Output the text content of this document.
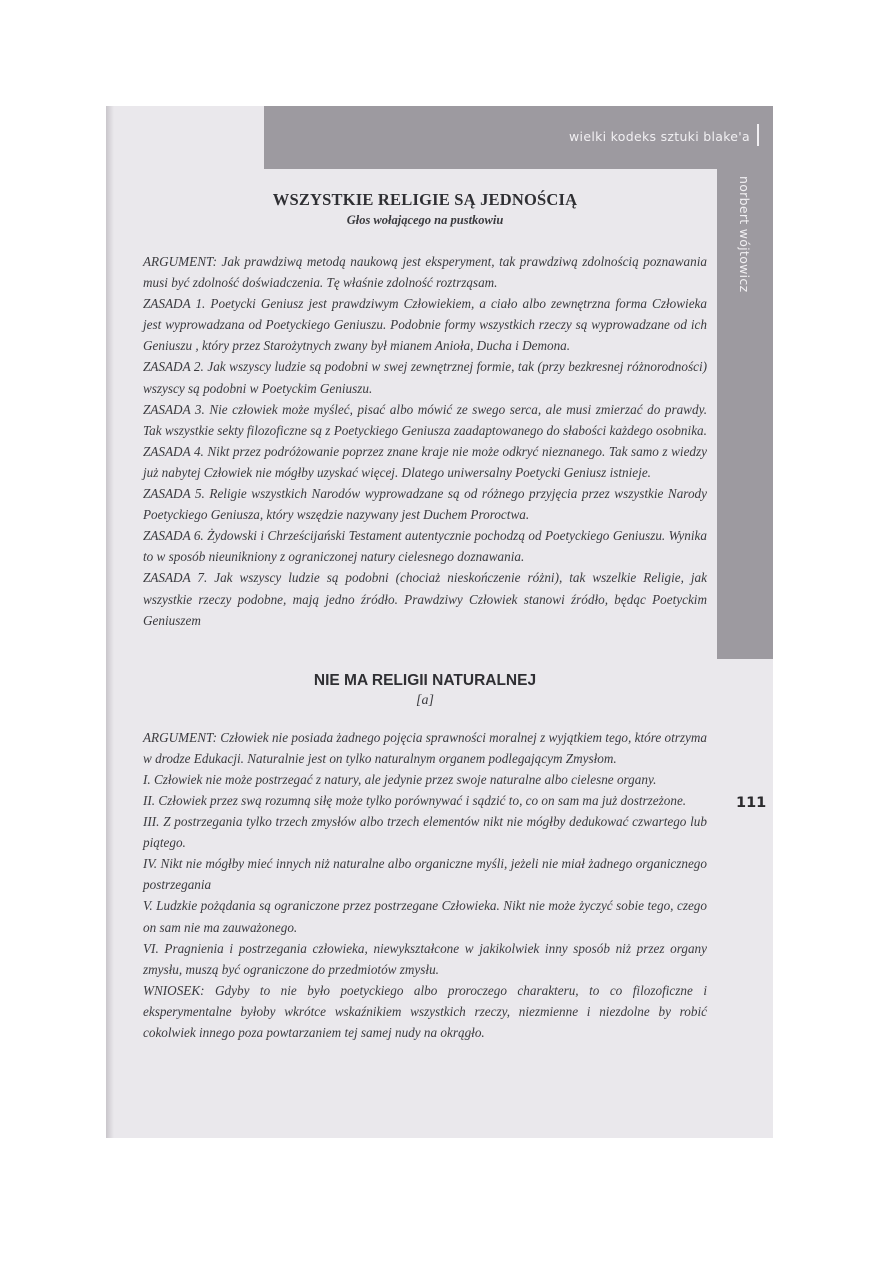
wielki kodeks sztuki blake'a
norbert wójtowicz
111
WSZYSTKIE RELIGIE SĄ JEDNOŚCIĄ
Głos wołającego na pustkowiu

ARGUMENT: Jak prawdziwą metodą naukową jest eksperyment, tak prawdziwą zdolnością poznawania musi być zdolność doświadczenia. Tę właśnie zdolność roztrząsam.

ZASADA 1. Poetycki Geniusz jest prawdziwym Człowiekiem, a ciało albo zewnętrzna forma Człowieka jest wyprowadzana od Poetyckiego Geniuszu. Podobnie formy wszystkich rzeczy są wyprowadzane od ich Geniuszu , który przez Starożytnych zwany był mianem Anioła, Ducha i Demona.

ZASADA 2. Jak wszyscy ludzie są podobni w swej zewnętrznej formie, tak (przy bezkresnej różnorodności) wszyscy są podobni w Poetyckim Geniuszu.

ZASADA 3. Nie człowiek może myśleć, pisać albo mówić ze swego serca, ale musi zmierzać do prawdy. Tak wszystkie sekty filozoficzne są z Poetyckiego Geniusza zaadaptowanego do słabości każdego osobnika.

ZASADA 4. Nikt przez podróżowanie poprzez znane kraje nie może odkryć nieznanego. Tak samo z wiedzy już nabytej Człowiek nie mógłby uzyskać więcej. Dlatego uniwersalny Poetycki Geniusz istnieje.

ZASADA 5. Religie wszystkich Narodów wyprowadzane są od różnego przyjęcia przez wszystkie Narody Poetyckiego Geniusza, który wszędzie nazywany jest Duchem Proroctwa.

ZASADA 6. Żydowski i Chrześcijański Testament autentycznie pochodzą od Poetyckiego Geniuszu. Wynika to w sposób nieunikniony z ograniczonej natury cielesnego doznawania.

ZASADA 7. Jak wszyscy ludzie są podobni (chociaż nieskończenie różni), tak wszelkie Religie, jak wszystkie rzeczy podobne, mają jedno źródło. Prawdziwy Człowiek stanowi źródło, będąc Poetyckim Geniuszem

NIE MA RELIGII NATURALNEJ
[a]

ARGUMENT: Człowiek nie posiada żadnego pojęcia sprawności moralnej z wyjątkiem tego, które otrzyma w drodze Edukacji. Naturalnie jest on tylko naturalnym organem podlegającym Zmysłom.

I. Człowiek nie może postrzegać z natury, ale jedynie przez swoje naturalne albo cielesne organy.

II. Człowiek przez swą rozumną siłę może tylko porównywać i sądzić to, co on sam ma już dostrzeżone.

III. Z postrzegania tylko trzech zmysłów albo trzech elementów nikt nie mógłby dedukować czwartego lub piątego.

IV. Nikt nie mógłby mieć innych niż naturalne albo organiczne myśli, jeżeli nie miał żadnego organicznego postrzegania

V. Ludzkie pożądania są ograniczone przez postrzegane Człowieka. Nikt nie może życzyć sobie tego, czego on sam nie ma zauważonego.

VI. Pragnienia i postrzegania człowieka, niewykształcone w jakikolwiek inny sposób niż przez organy zmysłu, muszą być ograniczone do przedmiotów zmysłu.

WNIOSEK: Gdyby to nie było poetyckiego albo proroczego charakteru, to co filozoficzne i eksperymentalne byłoby wkrótce wskaźnikiem wszystkich rzeczy, niezmienne i niezdolne by robić cokolwiek innego poza powtarzaniem tej samej nudy na okrągło.
